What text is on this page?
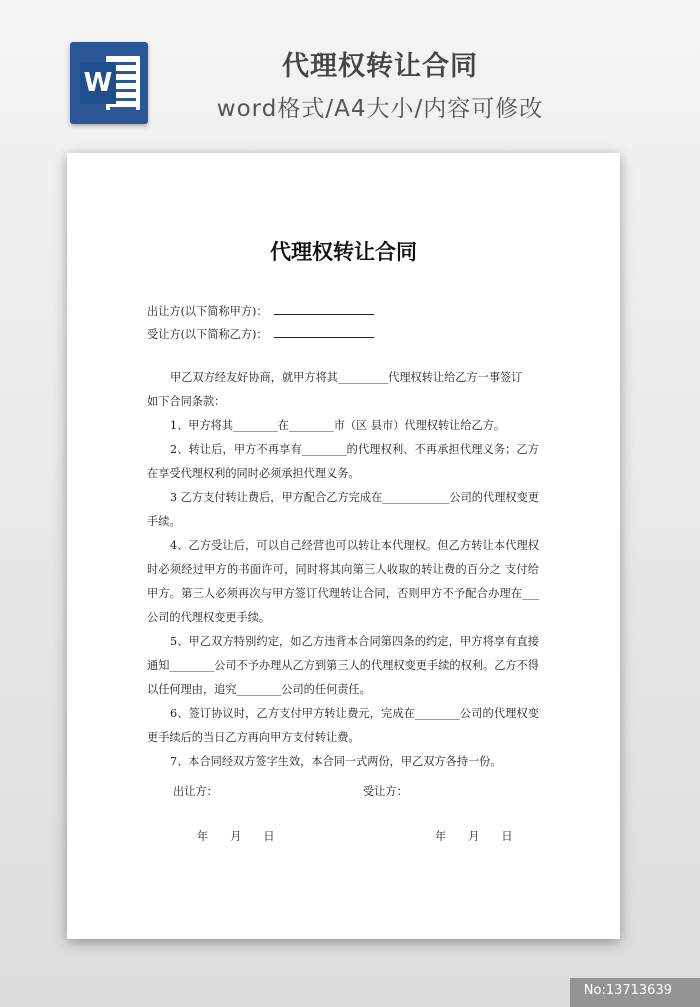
W
代理权转让合同
word格式/A4大小/内容可修改
代理权转让合同
出让方(以下简称甲方)：
受让方(以下简称乙方)：

甲乙双方经友好协商，就甲方将其_________代理权转让给乙方一事签订

如下合同条款：

1、甲方将其________在________市（区 县市）代理权转让给乙方。

2、转让后，甲方不再享有________的代理权利、不再承担代理义务；乙方在享受代理权利的同时必须承担代理义务。

3 乙方支付转让费后，甲方配合乙方完成在____________公司的代理权变更手续。

4、乙方受让后，可以自己经营也可以转让本代理权。但乙方转让本代理权时必须经过甲方的书面许可，同时将其向第三人收取的转让费的百分之 支付给甲方。第三人必须再次与甲方签订代理转让合同，否则甲方不予配合办理在___公司的代理权变更手续。

5、甲乙双方特别约定，如乙方违背本合同第四条的约定，甲方将享有直接通知________公司不予办理从乙方到第三人的代理权变更手续的权利。乙方不得以任何理由，追究________公司的任何责任。

6、签订协议时，乙方支付甲方转让费元，完成在________公司的代理权变更手续后的当日乙方再向甲方支付转让费。

7、本合同经双方签字生效，本合同一式两份，甲乙双方各持一份。

出让方：	受让方：
年 月 日	年 月 日
No:13713639
